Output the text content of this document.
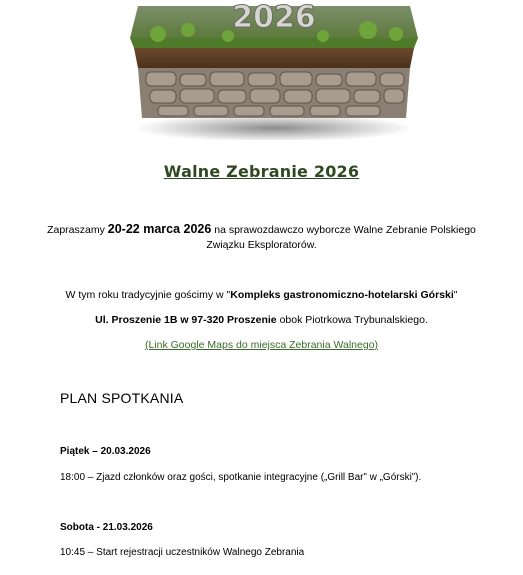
2026
Walne Zebranie 2026
Zapraszamy 20-22 marca 2026 na sprawozdawczo wyborcze Walne Zebranie Polskiego
Związku Eksploratorów.
W tym roku tradycyjnie gościmy w "Kompleks gastronomiczno-hotelarski Górski"
Ul. Proszenie 1B w 97-320 Proszenie obok Piotrkowa Trybunalskiego.
(Link Google Maps do miejsca Zebrania Walnego)
PLAN SPOTKANIA
Piątek – 20.03.2026
18:00 – Zjazd członków oraz gości, spotkanie integracyjne („Grill Bar” w „Górski”).
Sobota - 21.03.2026
10:45 – Start rejestracji uczestników Walnego Zebrania
